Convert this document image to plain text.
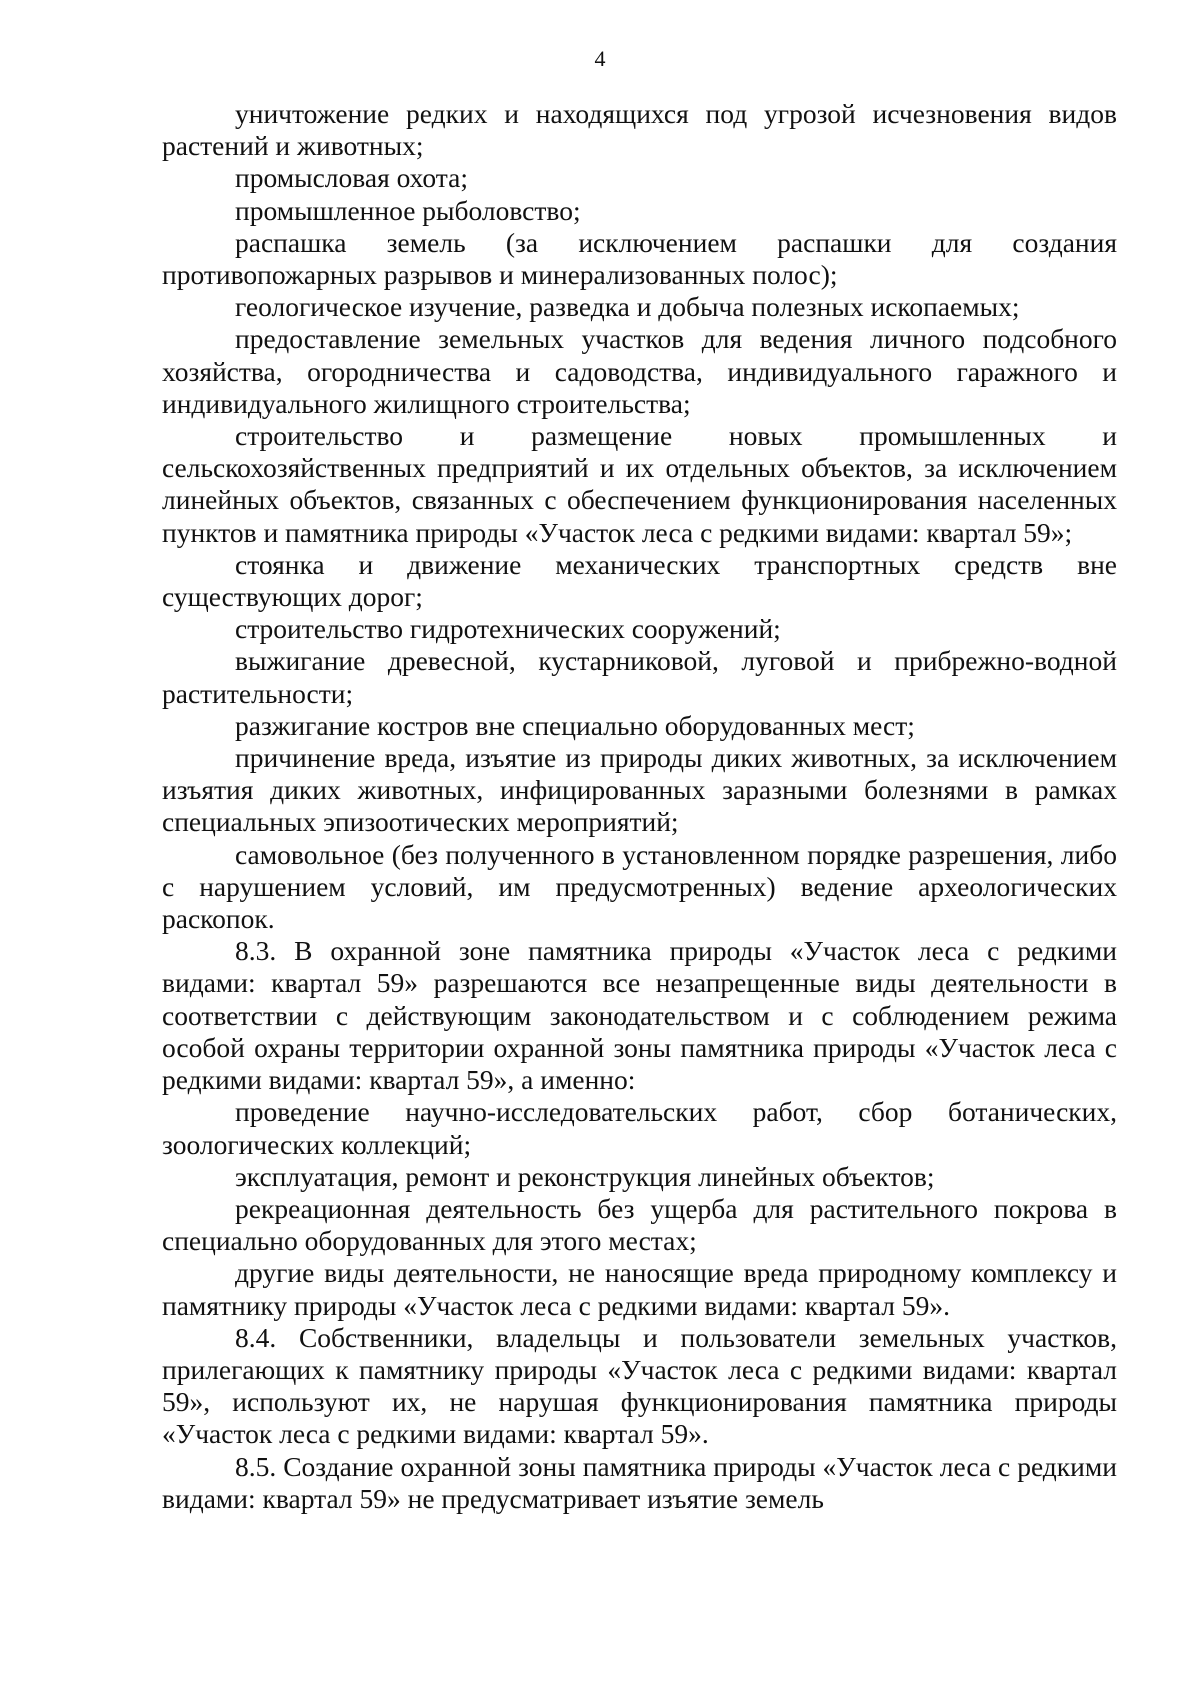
4

уничтожение редких и находящихся под угрозой исчезновения видов растений и животных;

промысловая охота;

промышленное рыболовство;

распашка земель (за исключением распашки для создания противопожарных разрывов и минерализованных полос);

геологическое изучение, разведка и добыча полезных ископаемых;

предоставление земельных участков для ведения личного подсобного хозяйства, огородничества и садоводства, индивидуального гаражного и индивидуального жилищного строительства;

строительство и размещение новых промышленных и сельскохозяйственных предприятий и их отдельных объектов, за исключением линейных объектов, связанных с обеспечением функционирования населенных пунктов и памятника природы «Участок леса с редкими видами: квартал 59»;

стоянка и движение механических транспортных средств вне существующих дорог;

строительство гидротехнических сооружений;

выжигание древесной, кустарниковой, луговой и прибрежно-водной растительности;

разжигание костров вне специально оборудованных мест;

причинение вреда, изъятие из природы диких животных, за исключением изъятия диких животных, инфицированных заразными болезнями в рамках специальных эпизоотических мероприятий;

самовольное (без полученного в установленном порядке разрешения, либо с нарушением условий, им предусмотренных) ведение археологических раскопок.

8.3. В охранной зоне памятника природы «Участок леса с редкими видами: квартал 59» разрешаются все незапрещенные виды деятельности в соответствии с действующим законодательством и с соблюдением режима особой охраны территории охранной зоны памятника природы «Участок леса с редкими видами: квартал 59», а именно:

проведение научно-исследовательских работ, сбор ботанических, зоологических коллекций;

эксплуатация, ремонт и реконструкция линейных объектов;

рекреационная деятельность без ущерба для растительного покрова в специально оборудованных для этого местах;

другие виды деятельности, не наносящие вреда природному комплексу и памятнику природы «Участок леса с редкими видами: квартал 59».

8.4. Собственники, владельцы и пользователи земельных участков, прилегающих к памятнику природы «Участок леса с редкими видами: квартал 59», используют их, не нарушая функционирования памятника природы «Участок леса с редкими видами: квартал 59».

8.5. Создание охранной зоны памятника природы «Участок леса с редкими видами: квартал 59» не предусматривает изъятие земель
